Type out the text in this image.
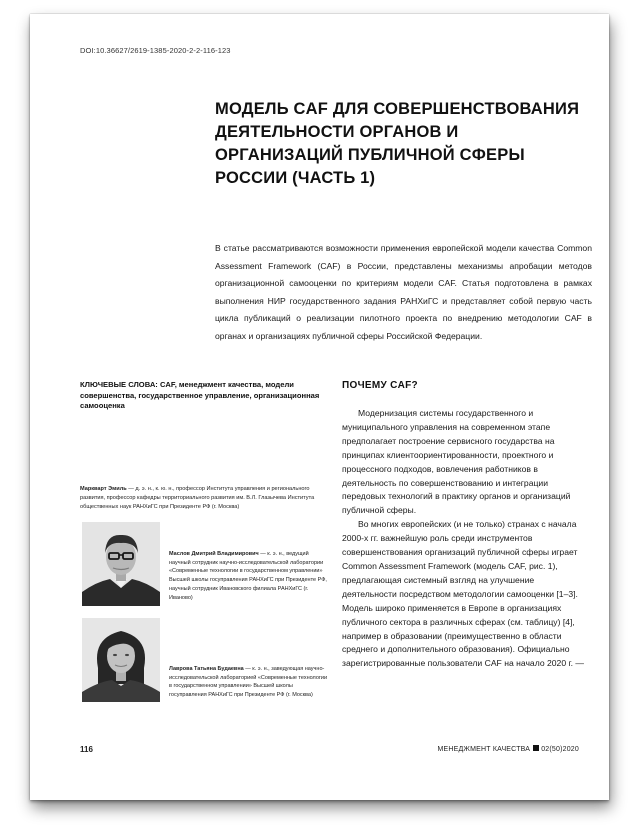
DOI:10.36627/2619-1385-2020-2-2-116-123
МОДЕЛЬ CAF ДЛЯ СОВЕРШЕНСТВОВАНИЯ ДЕЯТЕЛЬНОСТИ ОРГАНОВ И ОРГАНИЗАЦИЙ ПУБЛИЧНОЙ СФЕРЫ РОССИИ (ЧАСТЬ 1)

В статье рассматриваются возможности применения европейской модели качества Common Assessment Framework (CAF) в России, представлены механизмы апробации методов организационной самооценки по критериям модели CAF. Статья подготовлена в рамках выполнения НИР государственного задания РАНХиГС и представляет собой первую часть цикла публикаций о реализации пилотного проекта по внедрению методологии CAF в органах и организациях публичной сферы Российской Федерации.

КЛЮЧЕВЫЕ СЛОВА: CAF, менеджмент качества, модели совершенства, государственное управление, организационная самооценка

Маркварт Эмиль — д. э. н., к. ю. н., профессор Института управления и регионального развития, профессор кафедры территориального развития им. В.Л. Глазычева Института общественных наук РАНХиГС при Президенте РФ (г. Москва)

Маслов Дмитрий Владимирович — к. э. н., ведущий научный сотрудник научно-исследовательской лаборатории «Современные технологии в государственном управлении» Высшей школы госуправления РАНХиГС при Президенте РФ, научный сотрудник Ивановского филиала РАНХиГС (г. Иваново)

Лаврова Татьяна Будаевна — к. э. н., заведующая научно-исследовательской лабораторией «Современные технологии в государственном управлении» Высшей школы госуправления РАНХиГС при Президенте РФ (г. Москва)

ПОЧЕМУ CAF?

Модернизация системы государственного и муниципального управления на современном этапе предполагает построение сервисного государства на принципах клиентоориентированности, проектного и процессного подходов, вовлечения работников в деятельность по совершенствованию и интеграции передовых технологий в практику органов и организаций публичной сферы.

Во многих европейских (и не только) странах с начала 2000-х гг. важнейшую роль среди инструментов совершенствования организаций публичной сферы играет Common Assessment Framework (модель CAF, рис. 1), предлагающая системный взгляд на улучшение деятельности посредством методологии самооценки [1–3]. Модель широко применяется в Европе в организациях публичного сектора в различных сферах (см. таблицу) [4], например в образовании (преимущественно в области среднего и дополнительного образования). Официально зарегистрированные пользователи CAF на начало 2020 г. —

116	МЕНЕДЖМЕНТ КАЧЕСТВА 02(50)2020
